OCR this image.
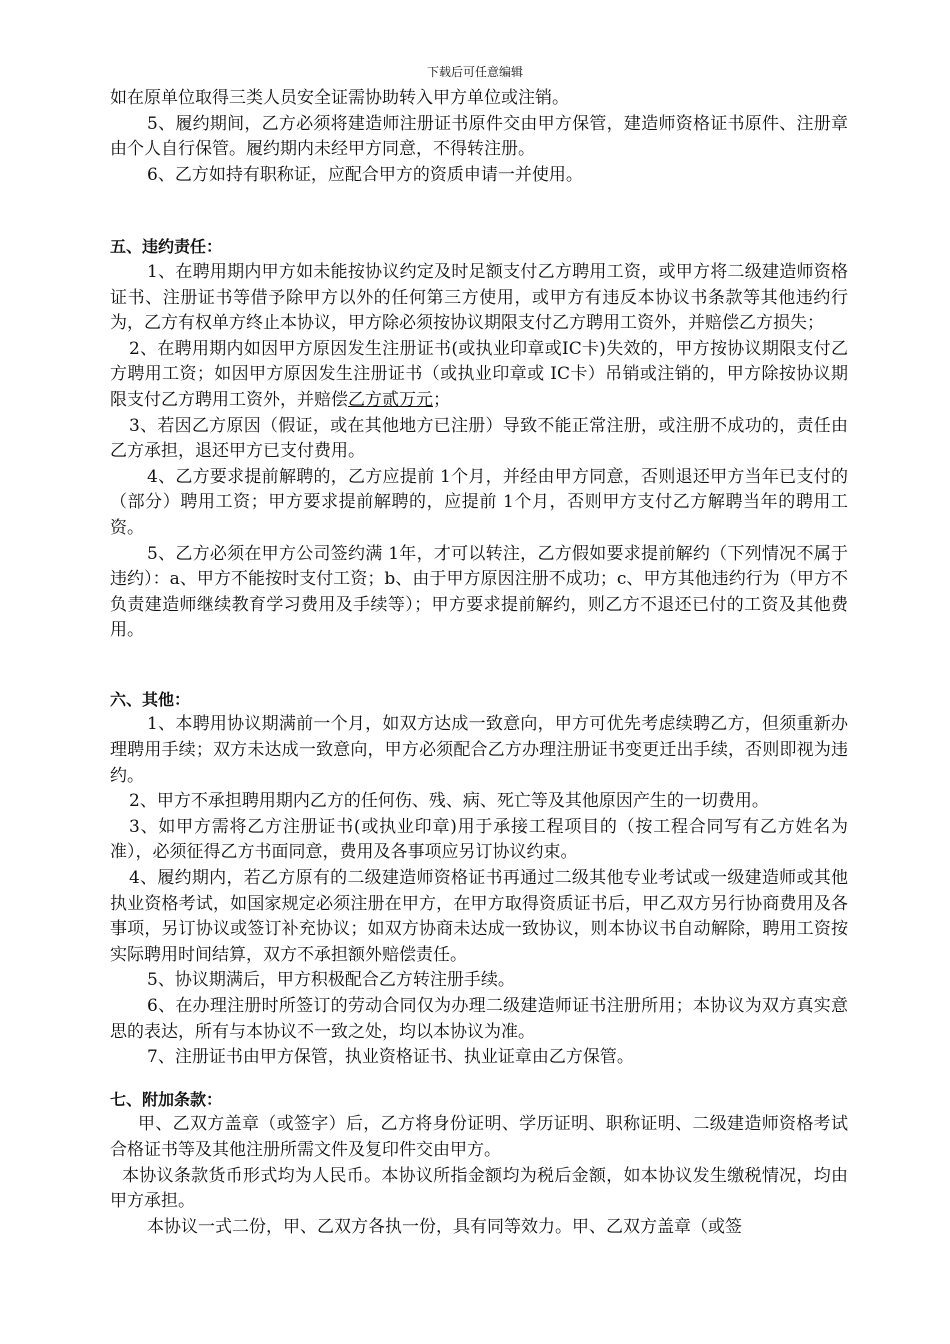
下载后可任意编辑

如在原单位取得三类人员安全证需协助转入甲方单位或注销。

5、履约期间，乙方必须将建造师注册证书原件交由甲方保管，建造师资格证书原件、注册章由个人自行保管。履约期内未经甲方同意，不得转注册。

6、乙方如持有职称证，应配合甲方的资质申请一并使用。

五、违约责任：

1、在聘用期内甲方如未能按协议约定及时足额支付乙方聘用工资，或甲方将二级建造师资格证书、注册证书等借予除甲方以外的任何第三方使用，或甲方有违反本协议书条款等其他违约行为，乙方有权单方终止本协议，甲方除必须按协议期限支付乙方聘用工资外，并赔偿乙方损失；

2、在聘用期内如因甲方原因发生注册证书(或执业印章或IC卡)失效的，甲方按协议期限支付乙方聘用工资；如因甲方原因发生注册证书（或执业印章或 IC卡）吊销或注销的，甲方除按协议期限支付乙方聘用工资外，并赔偿乙方贰万元；

3、若因乙方原因（假证，或在其他地方已注册）导致不能正常注册，或注册不成功的，责任由乙方承担，退还甲方已支付费用。

4、乙方要求提前解聘的，乙方应提前 1个月，并经由甲方同意，否则退还甲方当年已支付的（部分）聘用工资；甲方要求提前解聘的，应提前 1个月，否则甲方支付乙方解聘当年的聘用工资。

5、乙方必须在甲方公司签约满 1年，才可以转注，乙方假如要求提前解约（下列情况不属于违约）：a、甲方不能按时支付工资；b、由于甲方原因注册不成功；c、甲方其他违约行为（甲方不负责建造师继续教育学习费用及手续等）；甲方要求提前解约，则乙方不退还已付的工资及其他费用。

六、其他：

1、本聘用协议期满前一个月，如双方达成一致意向，甲方可优先考虑续聘乙方，但须重新办理聘用手续；双方未达成一致意向，甲方必须配合乙方办理注册证书变更迁出手续，否则即视为违约。

2、甲方不承担聘用期内乙方的任何伤、残、病、死亡等及其他原因产生的一切费用。

3、如甲方需将乙方注册证书(或执业印章)用于承接工程项目的（按工程合同写有乙方姓名为准），必须征得乙方书面同意，费用及各事项应另订协议约束。

4、履约期内，若乙方原有的二级建造师资格证书再通过二级其他专业考试或一级建造师或其他执业资格考试，如国家规定必须注册在甲方，在甲方取得资质证书后，甲乙双方另行协商费用及各事项，另订协议或签订补充协议；如双方协商未达成一致协议，则本协议书自动解除，聘用工资按实际聘用时间结算，双方不承担额外赔偿责任。

5、协议期满后，甲方积极配合乙方转注册手续。

6、在办理注册时所签订的劳动合同仅为办理二级建造师证书注册所用；本协议为双方真实意思的表达，所有与本协议不一致之处，均以本协议为准。

7、注册证书由甲方保管，执业资格证书、执业证章由乙方保管。

七、附加条款：

甲、乙双方盖章（或签字）后，乙方将身份证明、学历证明、职称证明、二级建造师资格考试合格证书等及其他注册所需文件及复印件交由甲方。

本协议条款货币形式均为人民币。本协议所指金额均为税后金额，如本协议发生缴税情况，均由甲方承担。

本协议一式二份，甲、乙双方各执一份，具有同等效力。甲、乙双方盖章（或签
